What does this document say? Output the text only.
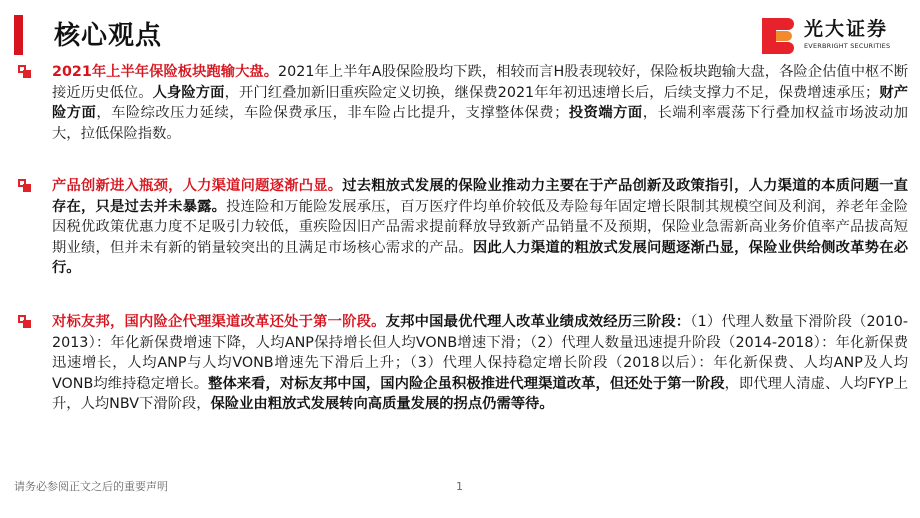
核心观点	光大证券
EVERBRIGHT SECURITIES
2021年上半年保险板块跑输大盘。2021年上半年A股保险股均下跌，相较而言H股表现较好，保险板块跑输大盘，各险企估值中枢不断接近历史低位。人身险方面，开门红叠加新旧重疾险定义切换，继保费2021年年初迅速增长后，后续支撑力不足，保费增速承压；财产险方面，车险综改压力延续，车险保费承压，非车险占比提升，支撑整体保费；投资端方面，长端利率震荡下行叠加权益市场波动加大，拉低保险指数。
产品创新进入瓶颈，人力渠道问题逐渐凸显。过去粗放式发展的保险业推动力主要在于产品创新及政策指引，人力渠道的本质问题一直存在，只是过去并未暴露。投连险和万能险发展承压，百万医疗件均单价较低及寿险每年固定增长限制其规模空间及利润，养老年金险因税优政策优惠力度不足吸引力较低，重疾险因旧产品需求提前释放导致新产品销量不及预期，保险业急需新高业务价值率产品拔高短期业绩，但并未有新的销量较突出的且满足市场核心需求的产品。因此人力渠道的粗放式发展问题逐渐凸显，保险业供给侧改革势在必行。
对标友邦，国内险企代理渠道改革还处于第一阶段。友邦中国最优代理人改革业绩成效经历三阶段：（1）代理人数量下滑阶段（2010-2013）：年化新保费增速下降，人均ANP保持增长但人均VONB增速下滑；（2）代理人数量迅速提升阶段（2014-2018）：年化新保费迅速增长，人均ANP与人均VONB增速先下滑后上升；（3）代理人保持稳定增长阶段（2018以后）：年化新保费、人均ANP及人均VONB均维持稳定增长。整体来看，对标友邦中国，国内险企虽积极推进代理渠道改革，但还处于第一阶段，即代理人清虚、人均FYP上升，人均NBV下滑阶段，保险业由粗放式发展转向高质量发展的拐点仍需等待。
请务必参阅正文之后的重要声明	1
